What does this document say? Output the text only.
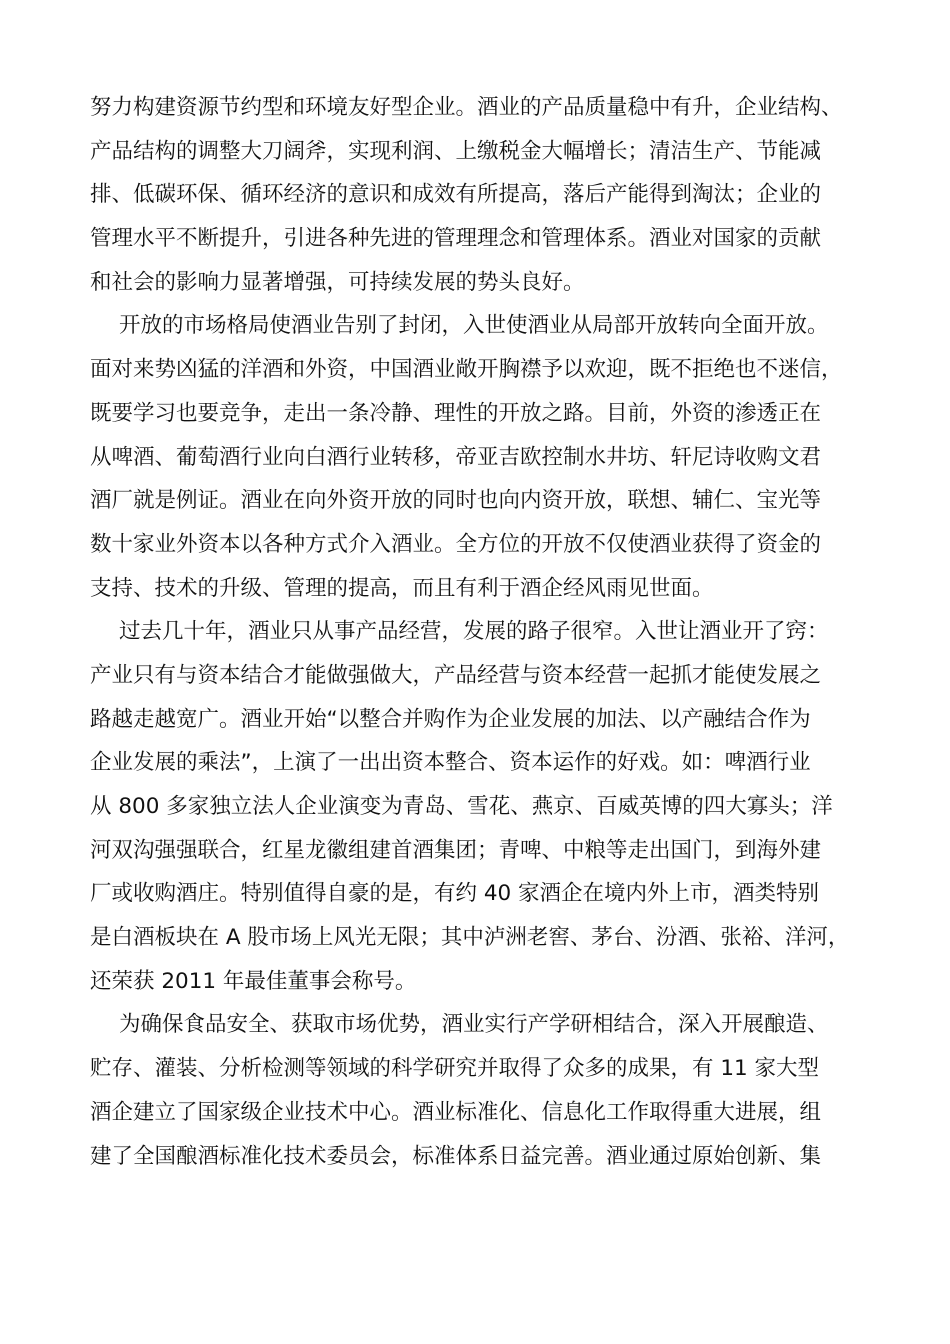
努力构建资源节约型和环境友好型企业。酒业的产品质量稳中有升，企业结构、
产品结构的调整大刀阔斧，实现利润、上缴税金大幅增长；清洁生产、节能减
排、低碳环保、循环经济的意识和成效有所提高，落后产能得到淘汰；企业的
管理水平不断提升，引进各种先进的管理理念和管理体系。酒业对国家的贡献
和社会的影响力显著增强，可持续发展的势头良好。
开放的市场格局使酒业告别了封闭，入世使酒业从局部开放转向全面开放。
面对来势凶猛的洋酒和外资，中国酒业敞开胸襟予以欢迎，既不拒绝也不迷信，
既要学习也要竞争，走出一条冷静、理性的开放之路。目前，外资的渗透正在
从啤酒、葡萄酒行业向白酒行业转移，帝亚吉欧控制水井坊、轩尼诗收购文君
酒厂就是例证。酒业在向外资开放的同时也向内资开放，联想、辅仁、宝光等
数十家业外资本以各种方式介入酒业。全方位的开放不仅使酒业获得了资金的
支持、技术的升级、管理的提高，而且有利于酒企经风雨见世面。
过去几十年，酒业只从事产品经营，发展的路子很窄。入世让酒业开了窍：
产业只有与资本结合才能做强做大，产品经营与资本经营一起抓才能使发展之
路越走越宽广。酒业开始“以整合并购作为企业发展的加法、以产融结合作为
企业发展的乘法”，上演了一出出资本整合、资本运作的好戏。如：啤酒行业
从 800 多家独立法人企业演变为青岛、雪花、燕京、百威英博的四大寡头；洋
河双沟强强联合，红星龙徽组建首酒集团；青啤、中粮等走出国门，到海外建
厂或收购酒庄。特别值得自豪的是，有约 40 家酒企在境内外上市，酒类特别
是白酒板块在 A 股市场上风光无限；其中泸洲老窖、茅台、汾酒、张裕、洋河，
还荣获 2011 年最佳董事会称号。
为确保食品安全、获取市场优势，酒业实行产学研相结合，深入开展酿造、
贮存、灌装、分析检测等领域的科学研究并取得了众多的成果，有 11 家大型
酒企建立了国家级企业技术中心。酒业标准化、信息化工作取得重大进展，组
建了全国酿酒标准化技术委员会，标准体系日益完善。酒业通过原始创新、集
